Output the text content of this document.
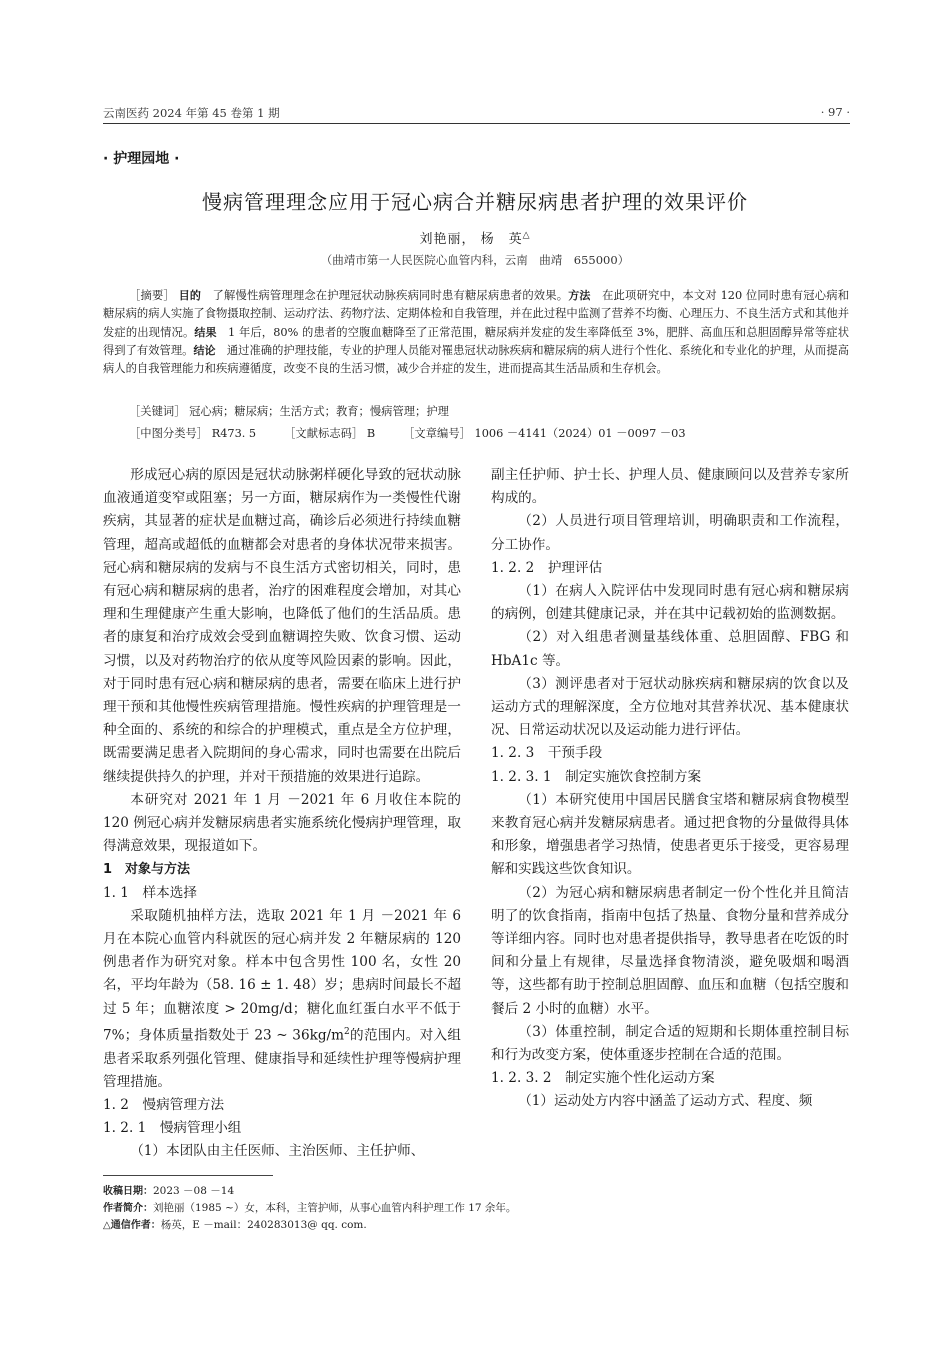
云南医药 2024 年第 45 卷第 1 期	· 97 ·
· 护理园地 ·
慢病管理理念应用于冠心病合并糖尿病患者护理的效果评价
刘艳丽， 杨　英△
（曲靖市第一人民医院心血管内科，云南　曲靖　655000）
［摘要］ 目的　 了解慢性病管理理念在护理冠状动脉疾病同时患有糖尿病患者的效果。方法　 在此项研究中，本文对 120 位同时患有冠心病和糖尿病的病人实施了食物摄取控制、运动疗法、药物疗法、定期体检和自我管理，并在此过程中监测了营养不均衡、心理压力、不良生活方式和其他并发症的出现情况。结果　 1 年后，80% 的患者的空腹血糖降至了正常范围，糖尿病并发症的发生率降低至 3%，肥胖、高血压和总胆固醇异常等症状得到了有效管理。结论　 通过准确的护理技能，专业的护理人员能对罹患冠状动脉疾病和糖尿病的病人进行个性化、系统化和专业化的护理，从而提高病人的自我管理能力和疾病遵循度，改变不良的生活习惯，减少合并症的发生，进而提高其生活品质和生存机会。
［关键词］ 冠心病；糖尿病；生活方式；教育；慢病管理；护理
［中图分类号］ R473. 5 ［文献标志码］ B ［文章编号］ 1006 －4141（2024）01 －0097 －03

形成冠心病的原因是冠状动脉粥样硬化导致的冠状动脉血液通道变窄或阻塞；另一方面，糖尿病作为一类慢性代谢疾病，其显著的症状是血糖过高，确诊后必须进行持续血糖管理，超高或超低的血糖都会对患者的身体状况带来损害。冠心病和糖尿病的发病与不良生活方式密切相关，同时，患有冠心病和糖尿病的患者，治疗的困难程度会增加，对其心理和生理健康产生重大影响，也降低了他们的生活品质。患者的康复和治疗成效会受到血糖调控失败、饮食习惯、运动习惯，以及对药物治疗的依从度等风险因素的影响。因此，对于同时患有冠心病和糖尿病的患者，需要在临床上进行护理干预和其他慢性疾病管理措施。慢性疾病的护理管理是一种全面的、系统的和综合的护理模式，重点是全方位护理，既需要满足患者入院期间的身心需求，同时也需要在出院后继续提供持久的护理，并对干预措施的效果进行追踪。

本研究对 2021 年 1 月 －2021 年 6 月收住本院的 120 例冠心病并发糖尿病患者实施系统化慢病护理管理，取得满意效果，现报道如下。

1　对象与方法

1. 1　样本选择

采取随机抽样方法，选取 2021 年 1 月 －2021 年 6 月在本院心血管内科就医的冠心病并发 2 年糖尿病的 120 例患者作为研究对象。样本中包含男性 100 名，女性 20 名，平均年龄为（58. 16 ± 1. 48）岁；患病时间最长不超过 5 年；血糖浓度 > 20mg/d；糖化血红蛋白水平不低于 7%；身体质量指数处于 23 ~ $36kg/m^2$的范围内。对入组患者采取系列强化管理、健康指导和延续性护理等慢病护理管理措施。

1. 2　慢病管理方法

1. 2. 1　慢病管理小组

（1）本团队由主任医师、主治医师、主任护师、

副主任护师、护士长、护理人员、健康顾问以及营养专家所构成的。

（2）人员进行项目管理培训，明确职责和工作流程，分工协作。

1. 2. 2　护理评估

（1）在病人入院评估中发现同时患有冠心病和糖尿病的病例，创建其健康记录，并在其中记载初始的监测数据。

（2）对入组患者测量基线体重、总胆固醇、FBG 和 HbA1c 等。

（3）测评患者对于冠状动脉疾病和糖尿病的饮食以及运动方式的理解深度，全方位地对其营养状况、基本健康状况、日常运动状况以及运动能力进行评估。

1. 2. 3　干预手段

1. 2. 3. 1　制定实施饮食控制方案

（1）本研究使用中国居民膳食宝塔和糖尿病食物模型来教育冠心病并发糖尿病患者。通过把食物的分量做得具体和形象，增强患者学习热情，使患者更乐于接受，更容易理解和实践这些饮食知识。

（2）为冠心病和糖尿病患者制定一份个性化并且简洁明了的饮食指南，指南中包括了热量、食物分量和营养成分等详细内容。同时也对患者提供指导，教导患者在吃饭的时间和分量上有规律，尽量选择食物清淡，避免吸烟和喝酒等，这些都有助于控制总胆固醇、血压和血糖（包括空腹和餐后 2 小时的血糖）水平。

（3）体重控制，制定合适的短期和长期体重控制目标和行为改变方案，使体重逐步控制在合适的范围。

1. 2. 3. 2　制定实施个性化运动方案

（1）运动处方内容中涵盖了运动方式、程度、频

收稿日期：2023 －08 －14
作者简介：刘艳丽（1985 ~）女，本科，主管护师，从事心血管内科护理工作 17 余年。
△通信作者：杨英，E －mail：240283013@ qq. com.
